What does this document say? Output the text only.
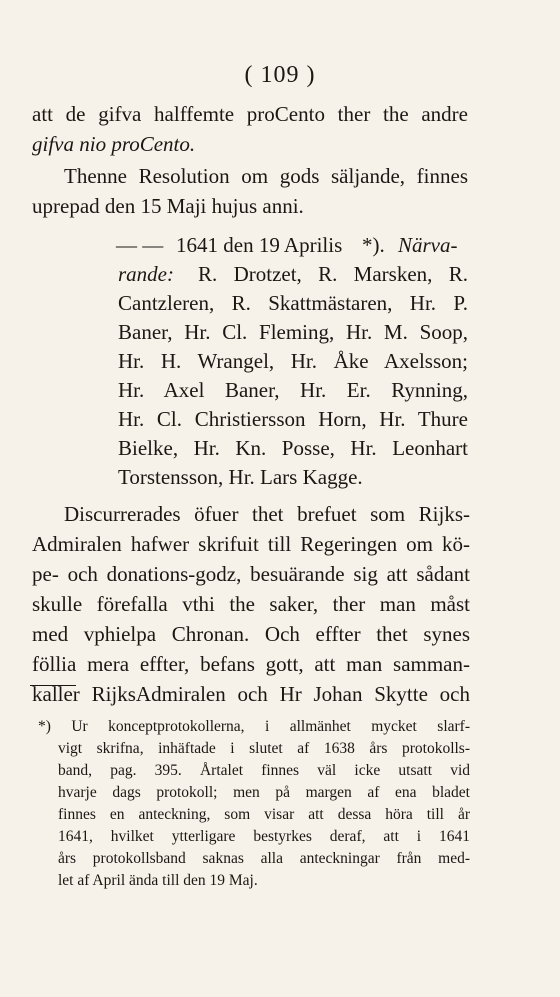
( 109 )
att de gifva halffemte proCento ther the andre
gifva nio proCento.
Thenne Resolution om gods säljande, finnes
uprepad den 15 Maji hujus anni.
— — 1641 den 19 Aprilis *). Närva-
rande: R. Drotzet, R. Marsken, R.
Cantzleren, R. Skattmästaren, Hr. P.
Baner, Hr. Cl. Fleming, Hr. M. Soop,
Hr. H. Wrangel, Hr. Åke Axelsson;
Hr. Axel Baner, Hr. Er. Rynning,
Hr. Cl. Christiersson Horn, Hr. Thure
Bielke, Hr. Kn. Posse, Hr. Leonhart
Torstensson, Hr. Lars Kagge.
Discurrerades öfuer thet brefuet som Rijks-
Admiralen hafwer skrifuit till Regeringen om kö-
pe- och donations-godz, besuärande sig att sådant
skulle förefalla vthi the saker, ther man måst
med vphielpa Chronan. Och effter thet synes
föllia mera effter, befans gott, att man samman-
kaller RijksAdmiralen och Hr Johan Skytte och
*) Ur konceptprotokollerna, i allmänhet mycket slarf-
vigt skrifna, inhäftade i slutet af 1638 års protokolls-
band, pag. 395. Årtalet finnes väl icke utsatt vid
hvarje dags protokoll; men på margen af ena bladet
finnes en anteckning, som visar att dessa höra till år
1641, hvilket ytterligare bestyrkes deraf, att i 1641
års protokollsband saknas alla anteckningar från med-
let af April ända till den 19 Maj.
